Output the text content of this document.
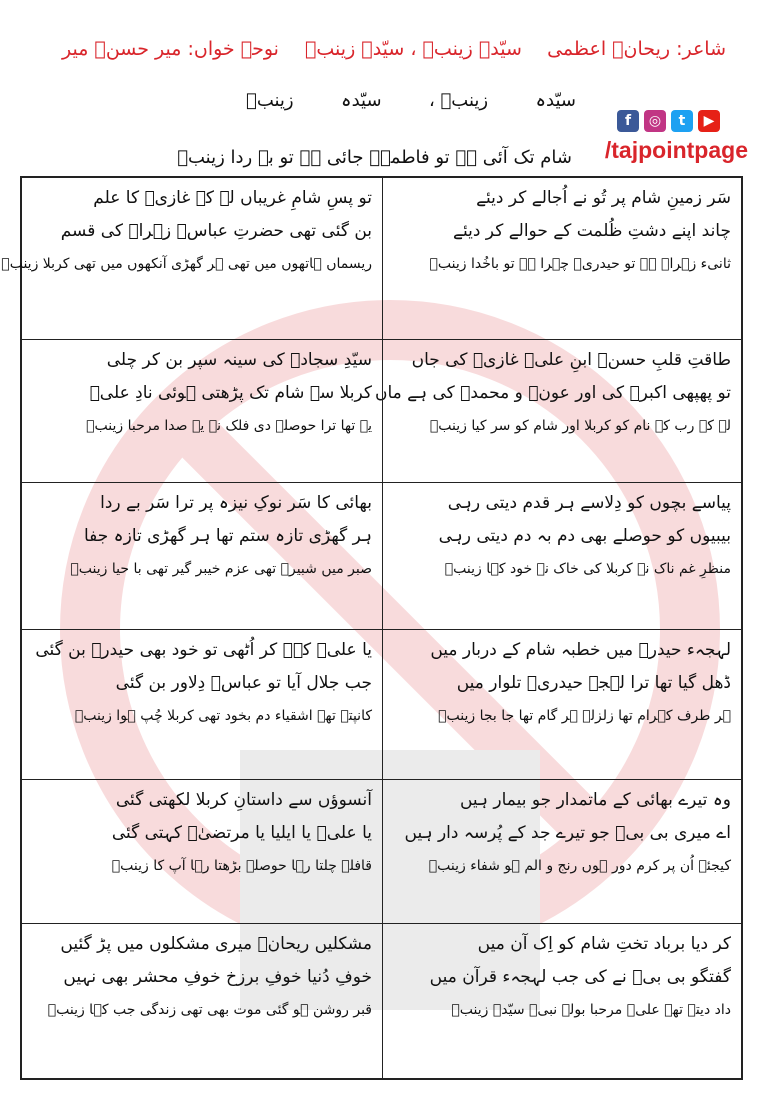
شاعر: ریحانؔ اعظمی
سیّدہ زینبؑ ، سیّدہ زینبؑ
نوحہ خواں: میر حسنؔ میر
سیّدہ
زینبؑ ،
سیّدہ
زینبؑ
f	◎	t	▶
/tajpointpage
شام تک آئی ہے تو فاطمہؑ جائی ہے تو بے ردا زینبؑ
سَر زمینِ شام پر تُو نے اُجالے کر دیئے
چاند اپنے دشتِ ظُلمت کے حوالے کر دیئے
ثانیء زہراؑ ہے تو حیدریؑ چہرا ہے تو باخُدا زینبؑ
تو پسِ شامِ غریباں لے کے غازیؑ کا علم
بن گئی تھی حضرتِ عباسؑ زہراؑ کی قسم
ریسماں ہاتھوں میں تھی ہر گھڑی آنکھوں میں تھی کربلا زینبؑ
طاقتِ قلبِ حسنؑ ابنِ علیؑ غازیؑ کی جاں
تو پھپھی اکبرؑ کی اور عونؑ و محمدؑ کی ہے ماں
لے کے رب کے نام کو کربلا اور شام کو سر کیا زینبؑ
سیّدِ سجادؑ کی سینہ سپر بن کر چلی
کربلا سے شام تک پڑھتی ہوئی نادِ علیؑ
یہ تھا ترا حوصلہ دی فلک نے یہ صدا مرحبا زینبؑ
پیاسے بچوں کو دِلاسے ہر قدم دیتی رہی
بیبیوں کو حوصلے بھی دم بہ دم دیتی رہی
منظرِ غم ناک نے کربلا کی خاک نے خود کہا زینبؑ
بھائی کا سَر نوکِ نیزہ پر ترا سَر بے ردا
ہر گھڑی تازہ ستم تھا ہر گھڑی تازہ جفا
صبر میں شبیرؑ تھی عزم خیبر گیر تھی با حیا زینبؑ
لہجہء حیدرؑ میں خطبہ شام کے دربار میں
ڈھل گیا تھا ترا لہجہ حیدریؑ تلوار میں
ہر طرف کہرام تھا زلزلہ ہر گام تھا جا بجا زینبؑ
یا علیؑ کہہ کر اُٹھی تو خود بھی حیدرؑ بن گئی
جب جلال آیا تو عباسؑ دِلاور بن گئی
کانپتے تھے اشقیاء دم بخود تھی کربلا چُپ ہوا زینبؑ
وہ تیرے بھائی کے ماتمدار جو بیمار ہیں
اے میری بی بیؑ جو تیرے جد کے پُرسہ دار ہیں
کیجئے اُن پر کرم دور ہوں رنج و الم ہو شفاء زینبؑ
آنسوؤں سے داستانِ کربلا لکھتی گئی
یا علیؑ یا ایلیا یا مرتضیٰؑ کہتی گئی
قافلہ چلتا رہا حوصلہ بڑھتا رہا آپ کا زینبؑ
کر دیا برباد تختِ شام کو اِک آن میں
گفتگو بی بیؑ نے کی جب لہجہء قرآن میں
داد دیتے تھے علیؑ مرحبا بولے نبیؐ سیّدہ زینبؑ
مشکلیں ریحانؔ میری مشکلوں میں پڑ گئیں
خوفِ دُنیا خوفِ برزخ خوفِ محشر بھی نہیں
قبر روشن ہو گئی موت بھی تھی زندگی جب کہا زینبؑ
